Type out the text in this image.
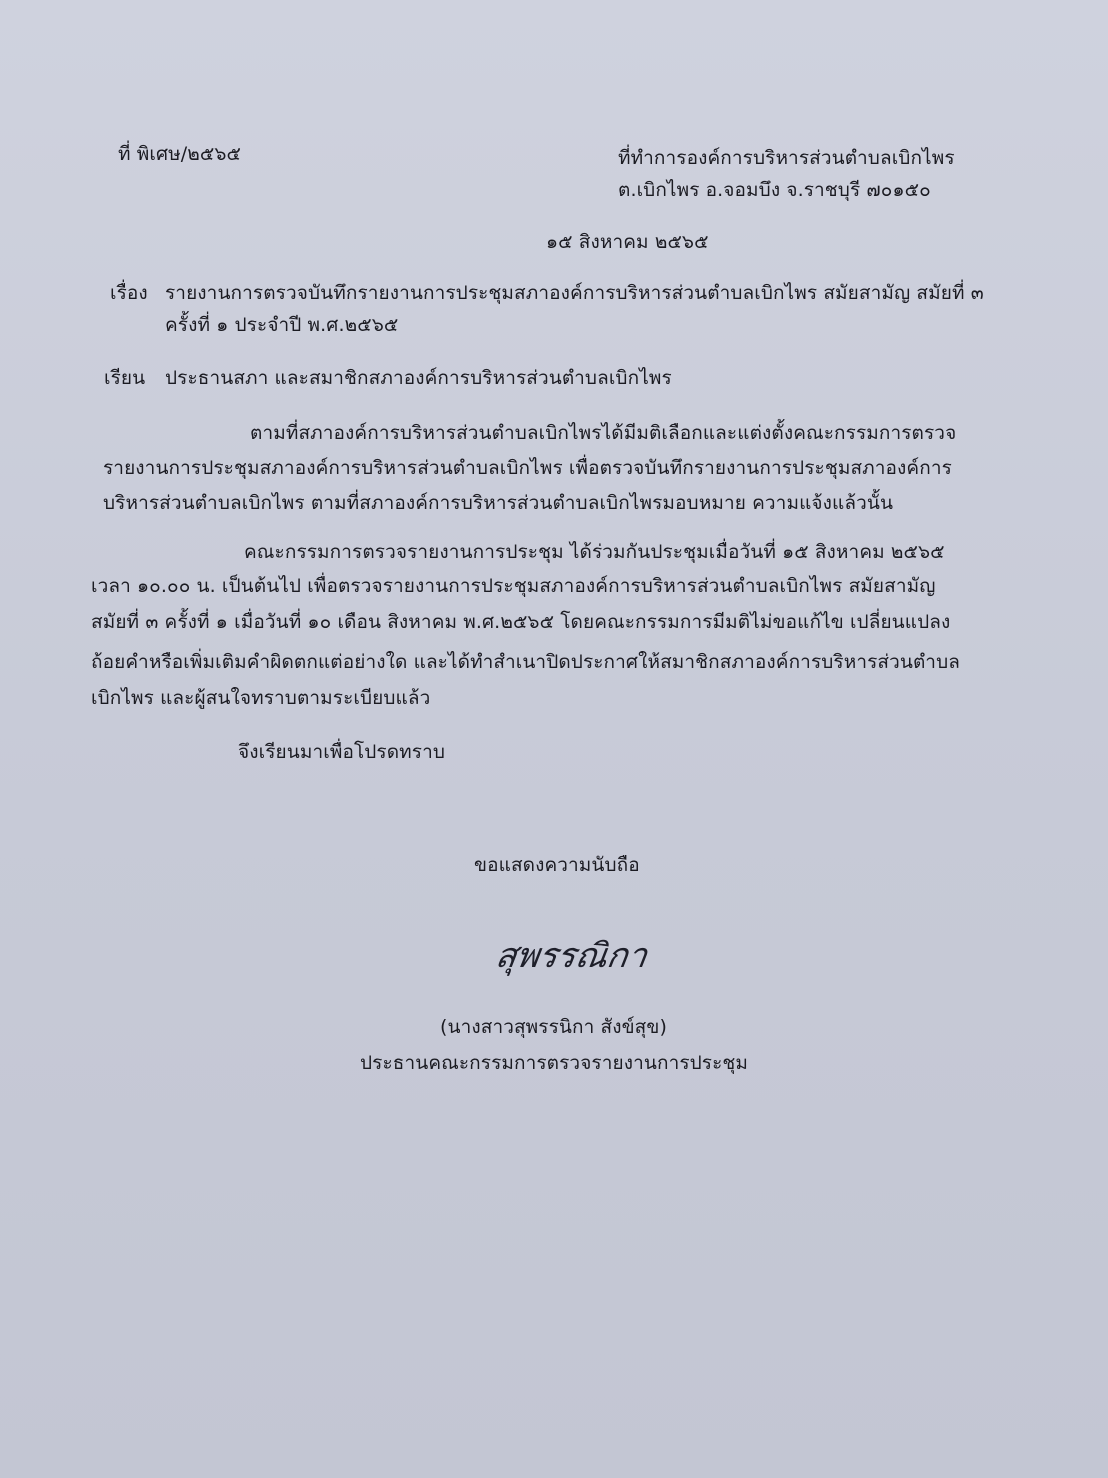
ที่ พิเศษ/๒๕๖๕	ที่ทำการองค์การบริหารส่วนตำบลเบิกไพร
ต.เบิกไพร อ.จอมบึง จ.ราชบุรี ๗๐๑๕๐
๑๕ สิงหาคม ๒๕๖๕
เรื่อง รายงานการตรวจบันทึกรายงานการประชุมสภาองค์การบริหารส่วนตำบลเบิกไพร สมัยสามัญ สมัยที่ ๓
ครั้งที่ ๑ ประจำปี พ.ศ.๒๕๖๕
เรียน ประธานสภา และสมาชิกสภาองค์การบริหารส่วนตำบลเบิกไพร
ตามที่สภาองค์การบริหารส่วนตำบลเบิกไพรได้มีมติเลือกและแต่งตั้งคณะกรรมการตรวจ
รายงานการประชุมสภาองค์การบริหารส่วนตำบลเบิกไพร เพื่อตรวจบันทึกรายงานการประชุมสภาองค์การ
บริหารส่วนตำบลเบิกไพร ตามที่สภาองค์การบริหารส่วนตำบลเบิกไพรมอบหมาย ความแจ้งแล้วนั้น
คณะกรรมการตรวจรายงานการประชุม ได้ร่วมกันประชุมเมื่อวันที่ ๑๕ สิงหาคม ๒๕๖๕
เวลา ๑๐.๐๐ น. เป็นต้นไป เพื่อตรวจรายงานการประชุมสภาองค์การบริหารส่วนตำบลเบิกไพร สมัยสามัญ
สมัยที่ ๓ ครั้งที่ ๑ เมื่อวันที่ ๑๐ เดือน สิงหาคม พ.ศ.๒๕๖๕ โดยคณะกรรมการมีมติไม่ขอแก้ไข เปลี่ยนแปลง
ถ้อยคำหรือเพิ่มเติมคำผิดตกแต่อย่างใด และได้ทำสำเนาปิดประกาศให้สมาชิกสภาองค์การบริหารส่วนตำบล
เบิกไพร และผู้สนใจทราบตามระเบียบแล้ว
จึงเรียนมาเพื่อโปรดทราบ
ขอแสดงความนับถือ
สุพรรณิกา
(นางสาวสุพรรนิกา สังข์สุข)
ประธานคณะกรรมการตรวจรายงานการประชุม
